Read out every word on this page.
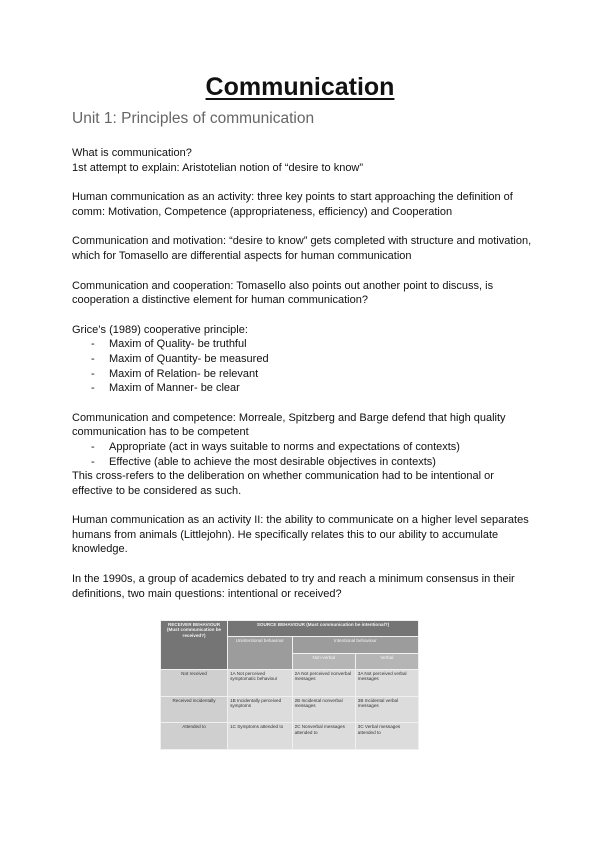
Communication
Unit 1: Principles of communication

What is communication?

1st attempt to explain: Aristotelian notion of “desire to know”

Human communication as an activity: three key points to start approaching the definition of comm: Motivation, Competence (appropriateness, efficiency) and Cooperation
Communication and motivation: “desire to know” gets completed with structure and motivation, which for Tomasello are differential aspects for human communication
Communication and cooperation: Tomasello also points out another point to discuss, is cooperation a distinctive element for human communication?

Grice’s (1989) cooperative principle:

- Maxim of Quality- be truthful
- Maxim of Quantity- be measured
- Maxim of Relation- be relevant
- Maxim of Manner- be clear

Communication and competence: Morreale, Spitzberg and Barge defend that high quality communication has to be competent

- Appropriate (act in ways suitable to norms and expectations of contexts)
- Effective (able to achieve the most desirable objectives in contexts)

This cross-refers to the deliberation on whether communication had to be intentional or effective to be considered as such.

Human communication as an activity II: the ability to communicate on a higher level separates humans from animals (Littlejohn). He specifically relates this to our ability to accumulate knowledge.
In the 1990s, a group of academics debated to try and reach a minimum consensus in their definitions, two main questions: intentional or received?
RECEIVER BEHAVIOUR (Must communication be received?)	SOURCE BEHAVIOUR (Must communication be intentional?)		
	Unintentional behaviour	Intentional behaviour	
		Non-verbal	Verbal
Not received	1A Not perceived symptomatic behaviour	2A Not perceived nonverbal messages	3A Not perceived verbal messages
Received incidentally	1B Incidentally perceived symptoms	2B Incidental nonverbal messages	3B Incidental verbal messages
Attended to	1C Symptoms attended to	2C Nonverbal messages attended to	3C Verbal messages attended to
